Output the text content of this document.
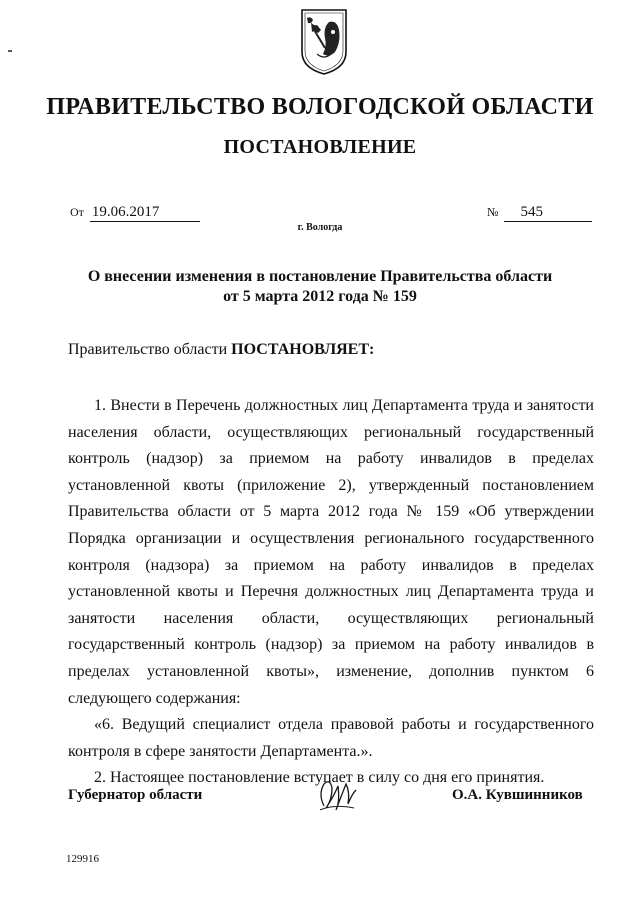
ПРАВИТЕЛЬСТВО ВОЛОГОДСКОЙ ОБЛАСТИ
ПОСТАНОВЛЕНИЕ
От 19.06.2017	№ 545
г. Вологда
О внесении изменения в постановление Правительства области
от 5 марта 2012 года № 159
Правительство области ПОСТАНОВЛЯЕТ:

1. Внести в Перечень должностных лиц Департамента труда и занятости населения области, осуществляющих региональный государственный контроль (надзор) за приемом на работу инвалидов в пределах установленной квоты (приложение 2), утвержденный постановлением Правительства области от 5 марта 2012 года № 159 «Об утверждении Порядка организации и осуществления регионального государственного контроля (надзора) за приемом на работу инвалидов в пределах установленной квоты и Перечня должностных лиц Департамента труда и занятости населения области, осуществляющих региональный государственный контроль (надзор) за приемом на работу инвалидов в пределах установленной квоты», изменение, дополнив пунктом 6 следующего содержания:

«6. Ведущий специалист отдела правовой работы и государственного контроля в сфере занятости Департамента.».

2. Настоящее постановление вступает в силу со дня его принятия.

Губернатор области	О.А. Кувшинников
129916
